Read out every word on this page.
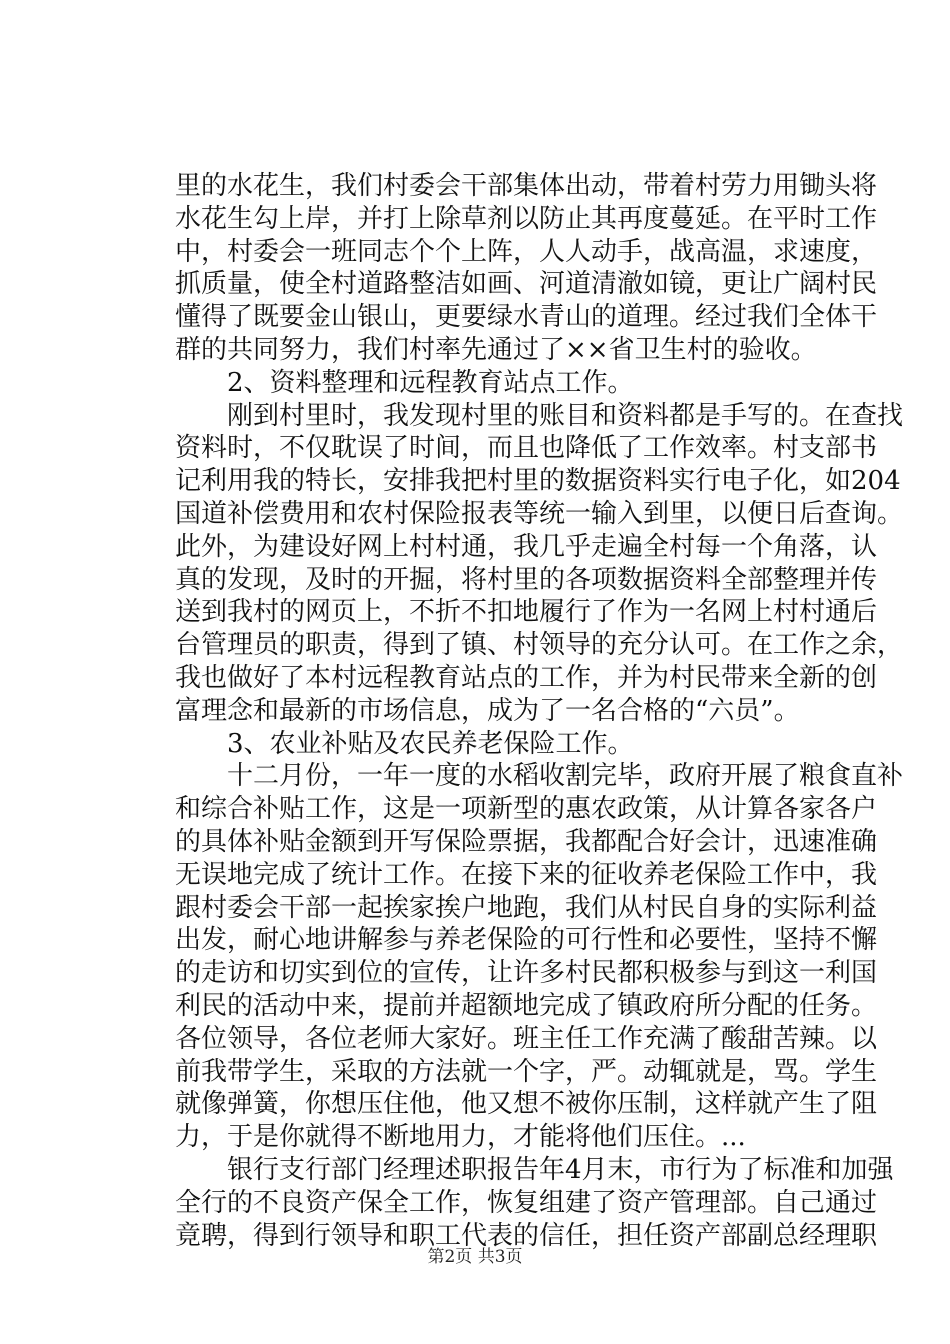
里的水花生，我们村委会干部集体出动，带着村劳力用锄头将
水花生勾上岸，并打上除草剂以防止其再度蔓延。在平时工作
中，村委会一班同志个个上阵，人人动手，战高温，求速度，
抓质量，使全村道路整洁如画、河道清澈如镜，更让广阔村民
懂得了既要金山银山，更要绿水青山的道理。经过我们全体干
群的共同努力，我们村率先通过了××省卫生村的验收。
2、资料整理和远程教育站点工作。
刚到村里时，我发现村里的账目和资料都是手写的。在查找
资料时，不仅耽误了时间，而且也降低了工作效率。村支部书
记利用我的特长，安排我把村里的数据资料实行电子化，如204
国道补偿费用和农村保险报表等统一输入到里，以便日后查询。
此外，为建设好网上村村通，我几乎走遍全村每一个角落，认
真的发现，及时的开掘，将村里的各项数据资料全部整理并传
送到我村的网页上，不折不扣地履行了作为一名网上村村通后
台管理员的职责，得到了镇、村领导的充分认可。在工作之余，
我也做好了本村远程教育站点的工作，并为村民带来全新的创
富理念和最新的市场信息，成为了一名合格的“六员”。
3、农业补贴及农民养老保险工作。
十二月份，一年一度的水稻收割完毕，政府开展了粮食直补
和综合补贴工作，这是一项新型的惠农政策，从计算各家各户
的具体补贴金额到开写保险票据，我都配合好会计，迅速准确
无误地完成了统计工作。在接下来的征收养老保险工作中，我
跟村委会干部一起挨家挨户地跑，我们从村民自身的实际利益
出发，耐心地讲解参与养老保险的可行性和必要性，坚持不懈
的走访和切实到位的宣传，让许多村民都积极参与到这一利国
利民的活动中来，提前并超额地完成了镇政府所分配的任务。
各位领导，各位老师大家好。班主任工作充满了酸甜苦辣。以
前我带学生，采取的方法就一个字，严。动辄就是，骂。学生
就像弹簧，你想压住他，他又想不被你压制，这样就产生了阻
力，于是你就得不断地用力，才能将他们压住。...
银行支行部门经理述职报告年4月末，市行为了标准和加强
全行的不良资产保全工作，恢复组建了资产管理部。自己通过
竟聘，得到行领导和职工代表的信任，担任资产部副总经理职
第2页 共3页
